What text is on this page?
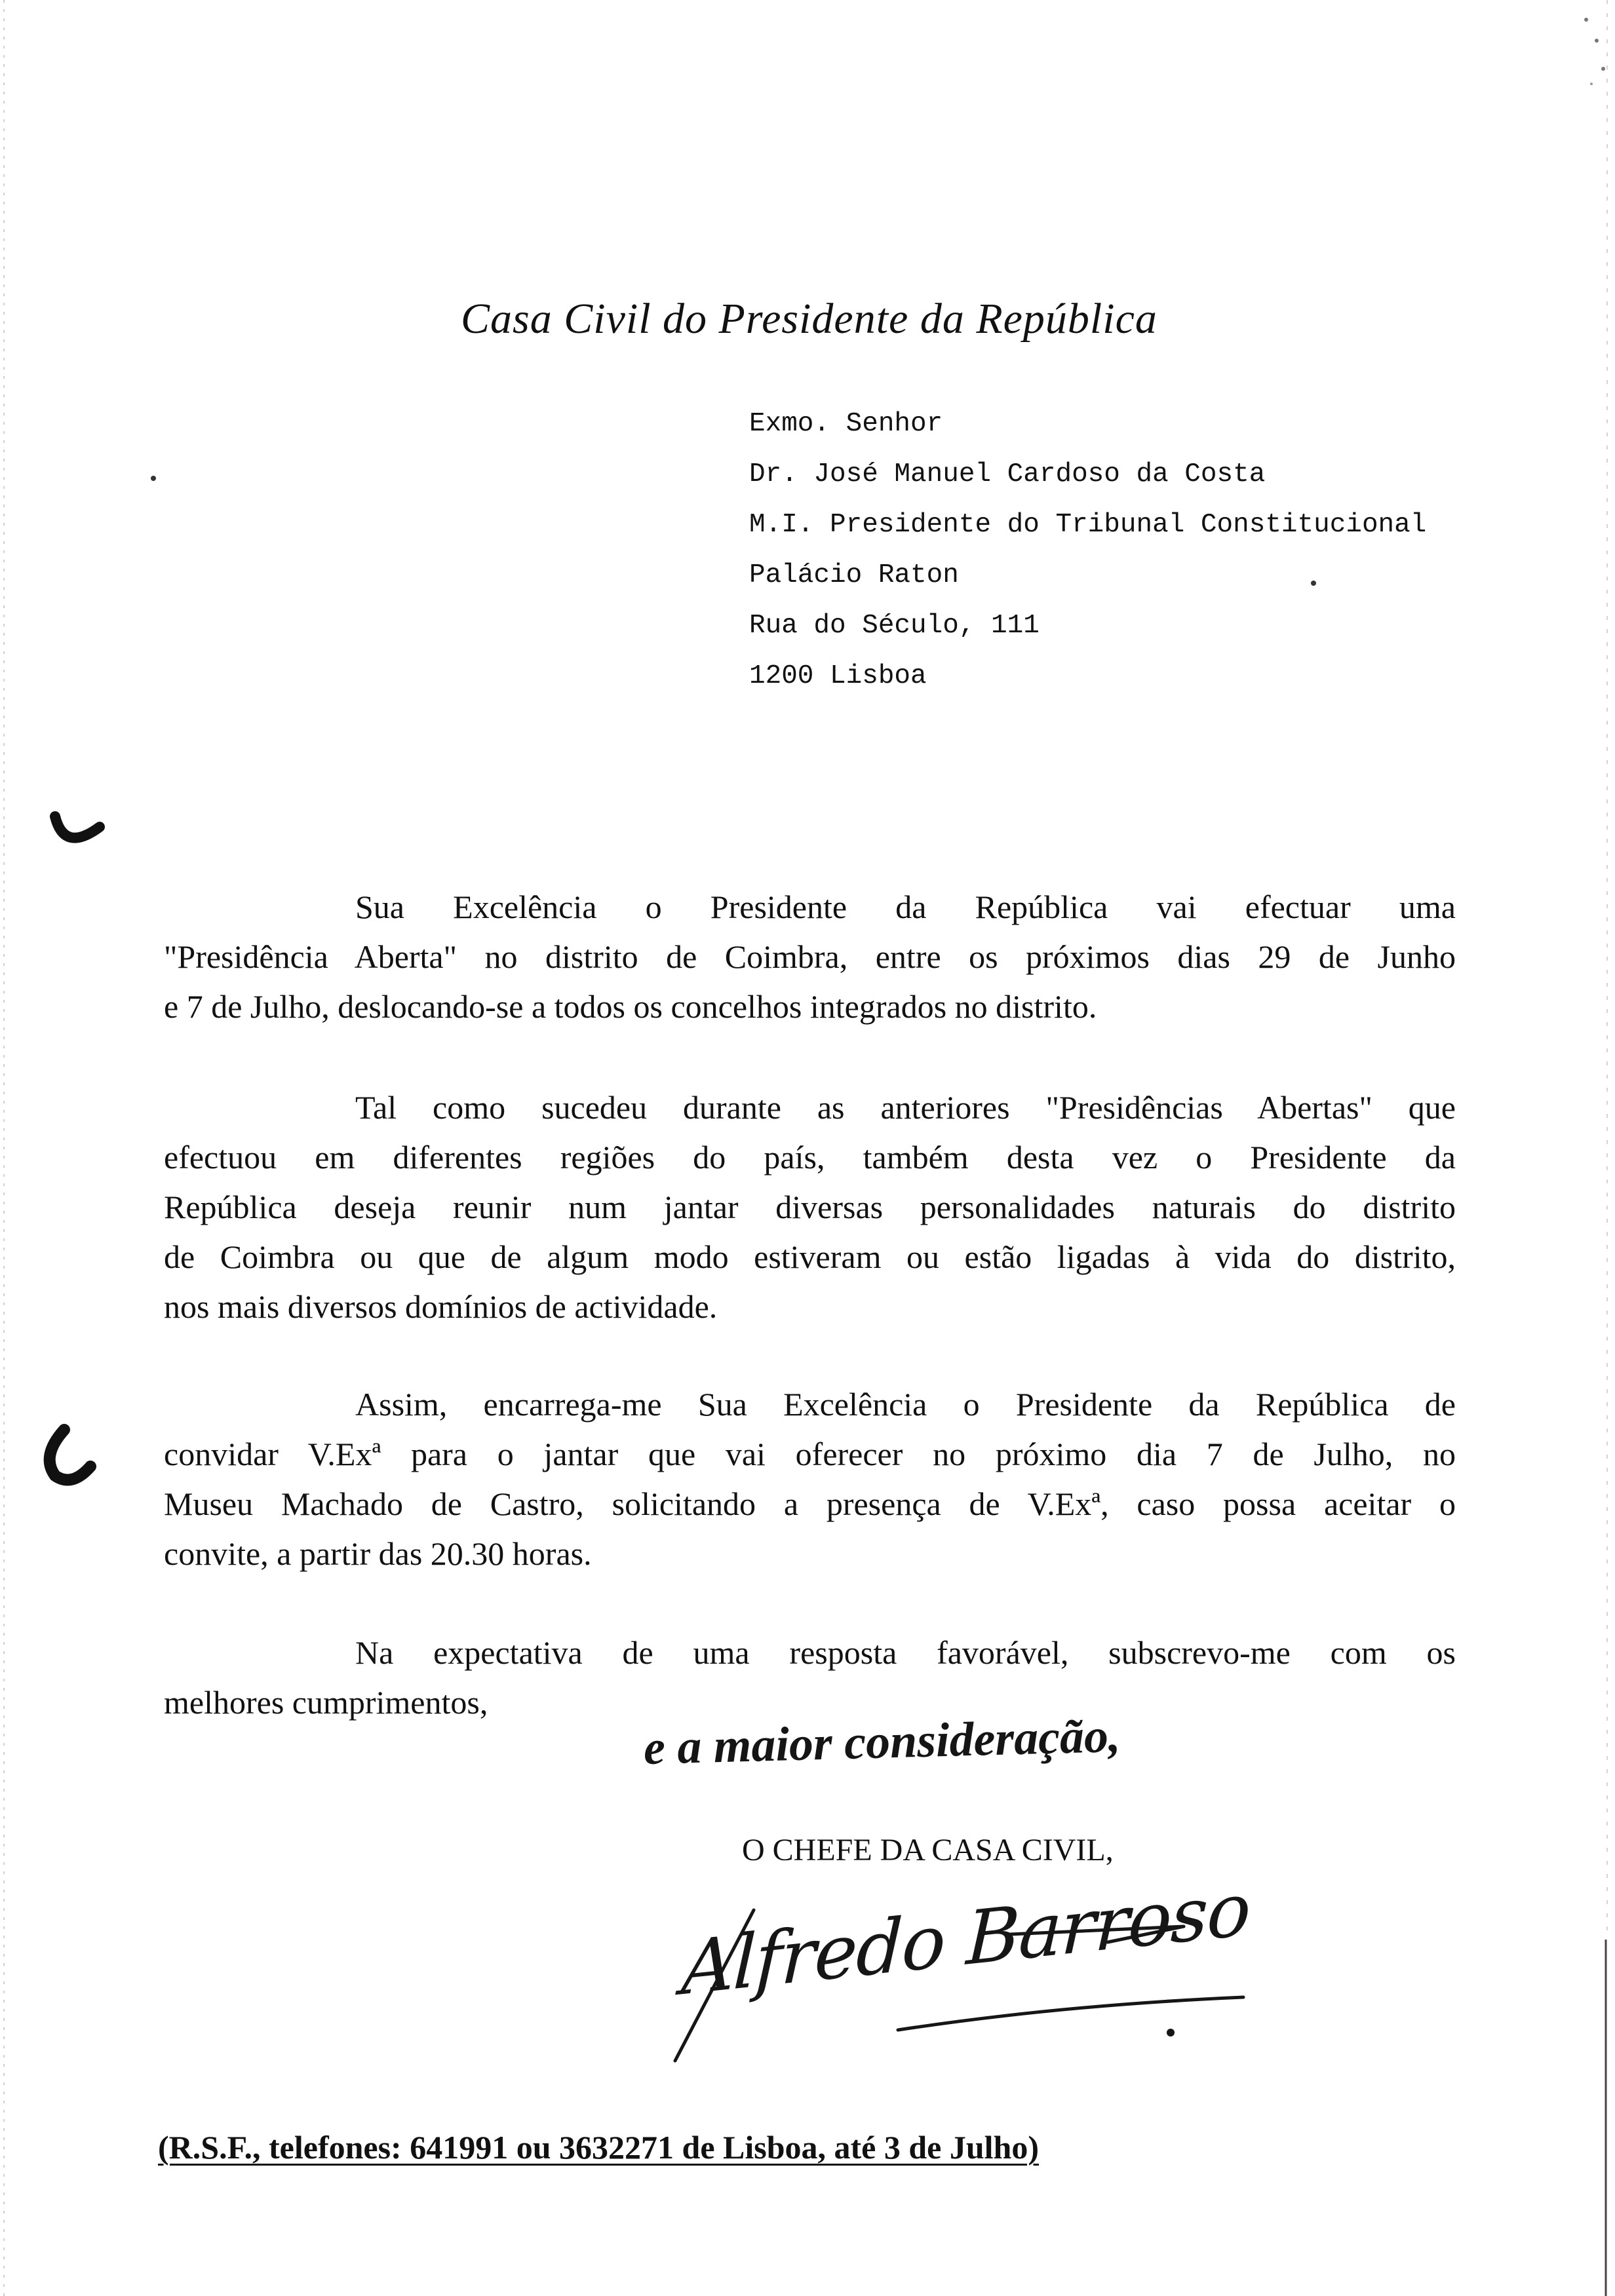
Casa Civil do Presidente da República
Exmo. Senhor
Dr. José Manuel Cardoso da Costa
M.I. Presidente do Tribunal Constitucional
Palácio Raton
Rua do Século, 111
1200 Lisboa
Sua Excelência o Presidente da República vai efectuar uma
"Presidência Aberta" no distrito de Coimbra, entre os próximos dias 29 de Junho
e 7 de Julho, deslocando-se a todos os concelhos integrados no distrito.
Tal como sucedeu durante as anteriores "Presidências Abertas" que
efectuou em diferentes regiões do país, também desta vez o Presidente da
República deseja reunir num jantar diversas personalidades naturais do distrito
de Coimbra ou que de algum modo estiveram ou estão ligadas à vida do distrito,
nos mais diversos domínios de actividade.
Assim, encarrega-me Sua Excelência o Presidente da República de
convidar V.Exª para o jantar que vai oferecer no próximo dia 7 de Julho, no
Museu Machado de Castro, solicitando a presença de V.Exª, caso possa aceitar o
convite, a partir das 20.30 horas.
Na expectativa de uma resposta favorável, subscrevo-me com os
melhores cumprimentos,
e a maior consideração,
O CHEFE DA CASA CIVIL,
Alfredo Barroso
(R.S.F., telefones: 641991 ou 3632271 de Lisboa, até 3 de Julho)
